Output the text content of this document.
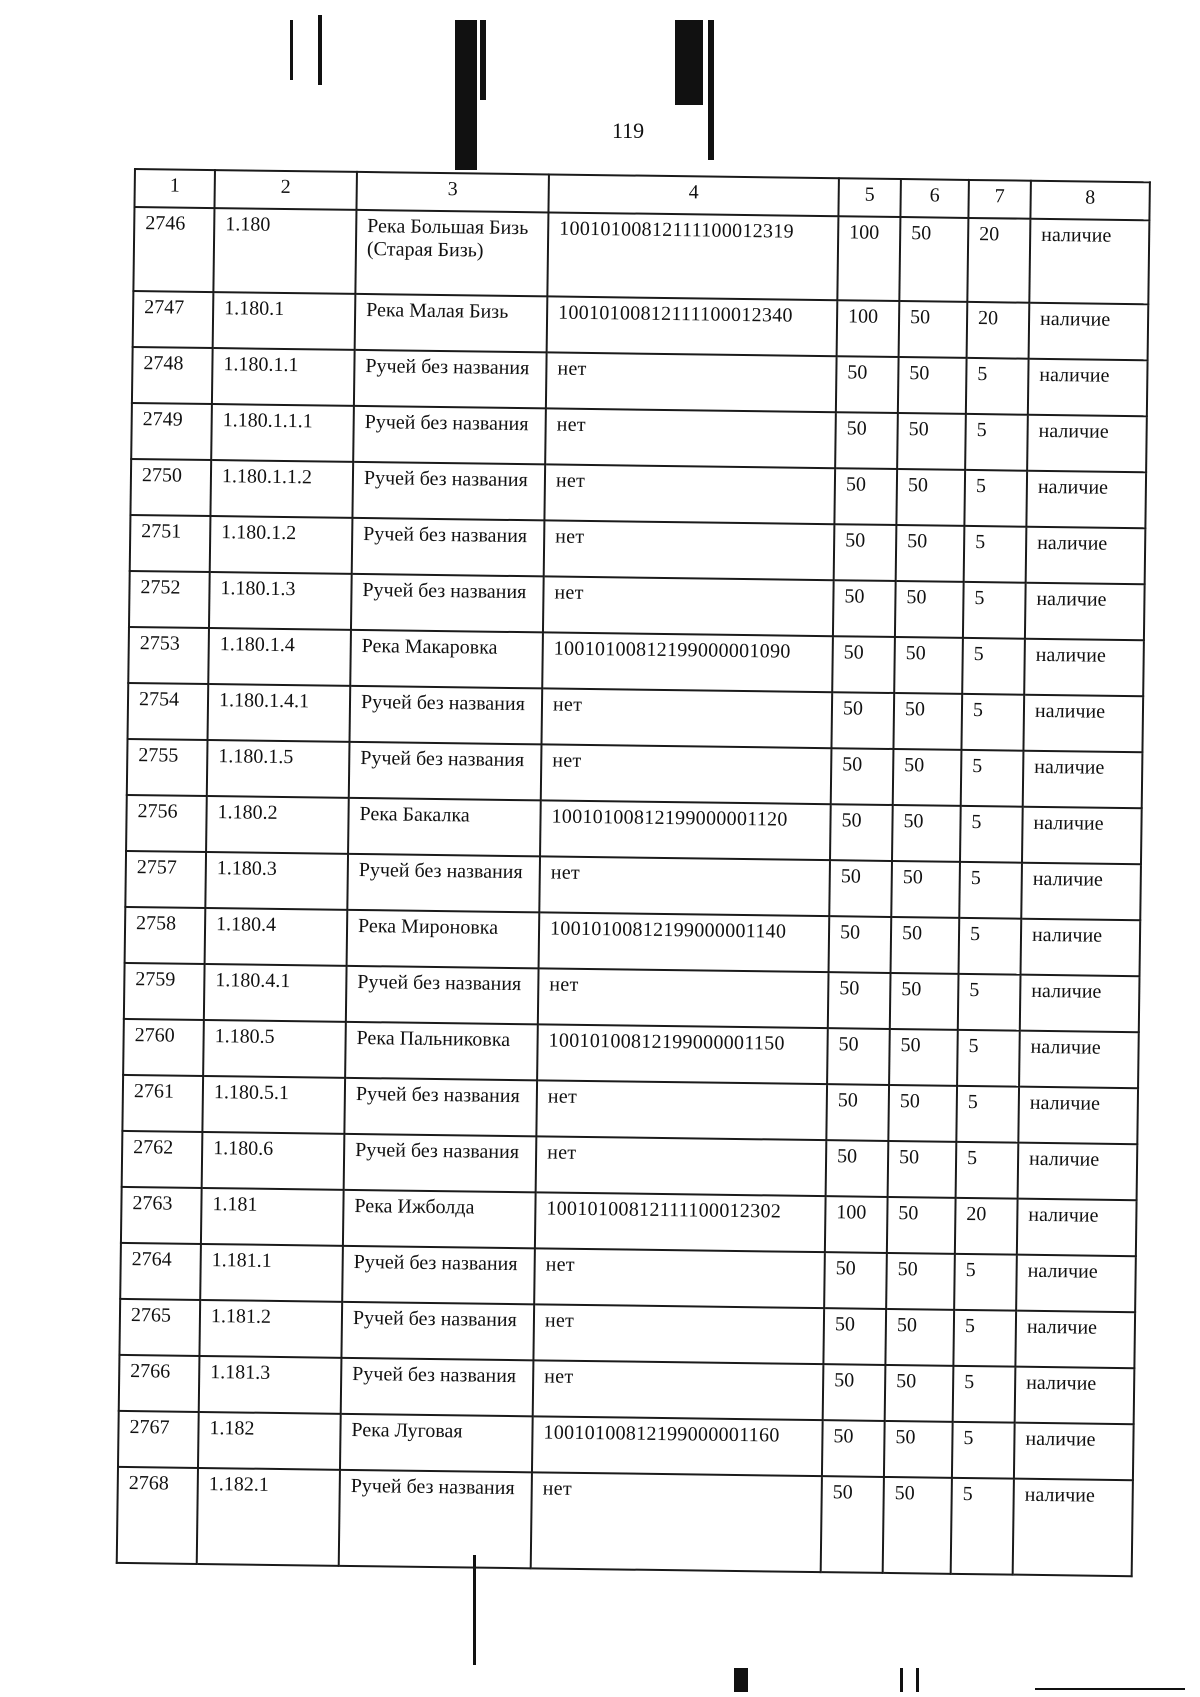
119
1	2	3	4	5	6	7	8
2746	1.180	Река Большая Бизь (Старая Бизь)	10010100812111100012319	100	50	20	наличие
2747	1.180.1	Река Малая Бизь	10010100812111100012340	100	50	20	наличие
2748	1.180.1.1	Ручей без названия	нет	50	50	5	наличие
2749	1.180.1.1.1	Ручей без названия	нет	50	50	5	наличие
2750	1.180.1.1.2	Ручей без названия	нет	50	50	5	наличие
2751	1.180.1.2	Ручей без названия	нет	50	50	5	наличие
2752	1.180.1.3	Ручей без названия	нет	50	50	5	наличие
2753	1.180.1.4	Река Макаровка	10010100812199000001090	50	50	5	наличие
2754	1.180.1.4.1	Ручей без названия	нет	50	50	5	наличие
2755	1.180.1.5	Ручей без названия	нет	50	50	5	наличие
2756	1.180.2	Река Бакалка	10010100812199000001120	50	50	5	наличие
2757	1.180.3	Ручей без названия	нет	50	50	5	наличие
2758	1.180.4	Река Мироновка	10010100812199000001140	50	50	5	наличие
2759	1.180.4.1	Ручей без названия	нет	50	50	5	наличие
2760	1.180.5	Река Пальниковка	10010100812199000001150	50	50	5	наличие
2761	1.180.5.1	Ручей без названия	нет	50	50	5	наличие
2762	1.180.6	Ручей без названия	нет	50	50	5	наличие
2763	1.181	Река Ижболда	10010100812111100012302	100	50	20	наличие
2764	1.181.1	Ручей без названия	нет	50	50	5	наличие
2765	1.181.2	Ручей без названия	нет	50	50	5	наличие
2766	1.181.3	Ручей без названия	нет	50	50	5	наличие
2767	1.182	Река Луговая	10010100812199000001160	50	50	5	наличие
2768	1.182.1	Ручей без названия	нет	50	50	5	наличие
